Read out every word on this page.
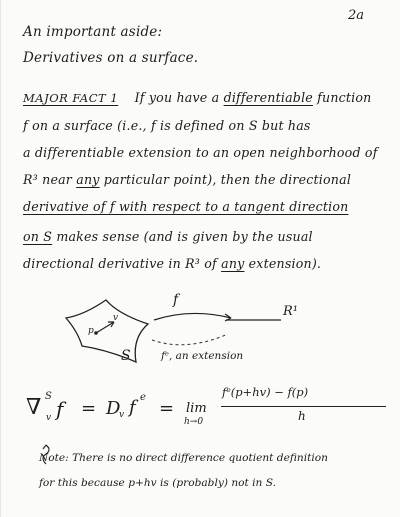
2a
An important aside:
Derivatives on a surface.
MAJOR FACT 1 If you have a differentiable function
f on a surface (i.e., f is defined on S but has
a differentiable extension to an open neighborhood of
R³ near any particular point), then the directional
derivative of f with respect to a tangent direction
on S makes sense (and is given by the usual
directional derivative in R³ of any extension).
p
v
f
R¹
S	fᵉ, an extension
∇ S
v f = D
v f e
= lim
h→0
fᵉ(p+hv) − f(p)
h
Note: There is no direct difference quotient definition
for this because p+hv is (probably) not in S.
